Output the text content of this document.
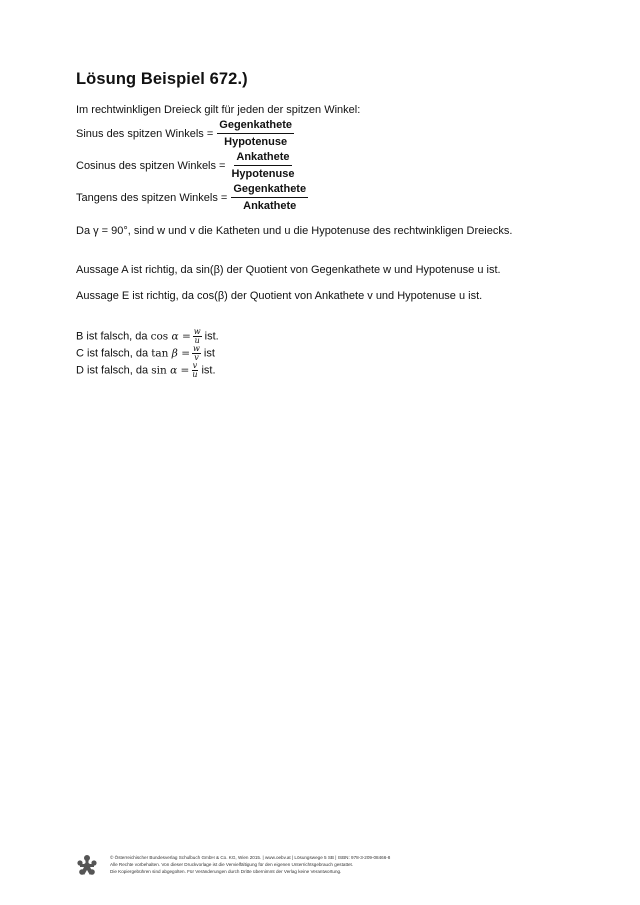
Lösung Beispiel 672.)
Im rechtwinkligen Dreieck gilt für jeden der spitzen Winkel:
Sinus des spitzen Winkels = $\frac{\text{Gegenkathete}}{\text{Hypotenuse}}$
Cosinus des spitzen Winkels = $\frac{\text{Ankathete}}{\text{Hypotenuse}}$
Tangens des spitzen Winkels = $\frac{\text{Gegenkathete}}{\text{Ankathete}}$
Da γ = 90°, sind w und v die Katheten und u die Hypotenuse des rechtwinkligen Dreiecks.
Aussage A ist richtig, da sin(β) der Quotient von Gegenkathete w und Hypotenuse u ist.
Aussage E ist richtig, da cos(β) der Quotient von Ankathete v und Hypotenuse u ist.
B ist falsch, da $\cos \alpha = \frac{w}{u}$ ist.
C ist falsch, da $\tan \beta = \frac{w}{v}$ ist
D ist falsch, da $\sin \alpha = \frac{v}{u}$ ist.
© Österreichischer Bundesverlag Schulbuch GmbH & Co. KG, Wien 2015. | www.oebv.at | Lösungswege 5 SB | ISBN: 978-3-209-08466-8
Alle Rechte vorbehalten. Von dieser Druckvorlage ist die Vervielfältigung für den eigenen Unterrichtsgebrauch gestattet.
Die Kopiergebühren sind abgegolten. Für Veränderungen durch Dritte übernimmt der Verlag keine Verantwortung.
